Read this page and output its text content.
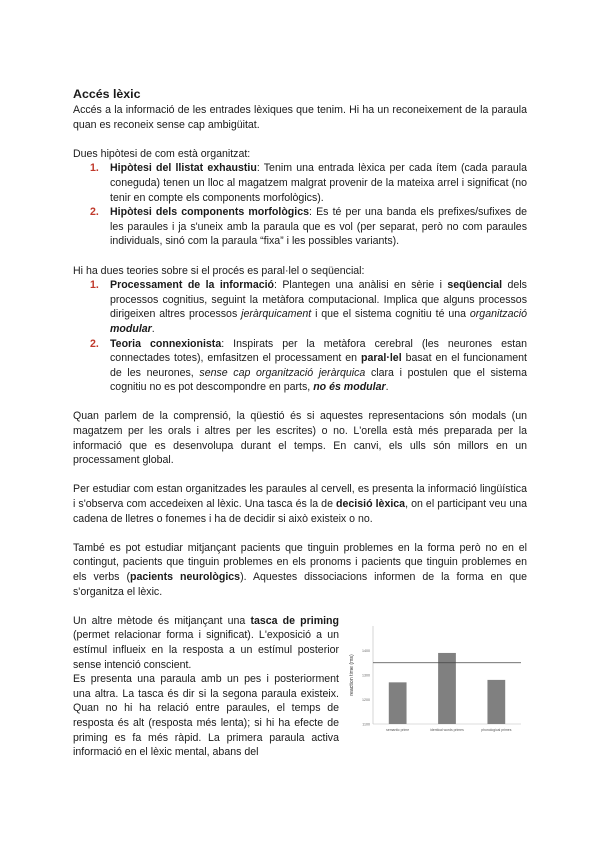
Accés lèxic

Accés a la informació de les entrades lèxiques que tenim. Hi ha un reconeixement de la paraula quan es reconeix sense cap ambigüitat.

Dues hipòtesi de com està organitzat:

1. Hipòtesi del llistat exhaustiu: Tenim una entrada lèxica per cada ítem (cada paraula coneguda) tenen un lloc al magatzem malgrat provenir de la mateixa arrel i significat (no tenir en compte els components morfològics).
2. Hipòtesi dels components morfològics: Es té per una banda els prefixes/sufixes de les paraules i ja s'uneix amb la paraula que es vol (per separat, però no com paraules individuals, sinó com la paraula “fixa” i les possibles variants).

Hi ha dues teories sobre si el procés es paral·lel o seqüencial:

1. Processament de la informació: Plantegen una anàlisi en sèrie i seqüencial dels processos cognitius, seguint la metàfora computacional. Implica que alguns processos dirigeixen altres processos jeràrquicament i que el sistema cognitiu té una organització modular.
2. Teoria connexionista: Inspirats per la metàfora cerebral (les neurones estan connectades totes), emfasitzen el processament en paral·lel basat en el funcionament de les neurones, sense cap organització jeràrquica clara i postulen que el sistema cognitiu no es pot descompondre en parts, no és modular.

Quan parlem de la comprensió, la qüestió és si aquestes representacions són modals (un magatzem per les orals i altres per les escrites) o no. L'orella està més preparada per la informació que es desenvolupa durant el temps. En canvi, els ulls són millors en un processament global.

Per estudiar com estan organitzades les paraules al cervell, es presenta la informació lingüística i s'observa com accedeixen al lèxic. Una tasca és la de decisió lèxica, on el participant veu una cadena de lletres o fonemes i ha de decidir si això existeix o no.

També es pot estudiar mitjançant pacients que tinguin problemes en la forma però no en el contingut, pacients que tinguin problemes en els pronoms i pacients que tinguin problemes en els verbs (pacients neurològics). Aquestes dissociacions informen de la forma en que s'organitza el lèxic.

Un altre mètode és mitjançant una tasca de priming (permet relacionar forma i significat). L'exposició a un estímul influeix en la resposta a un estímul posterior sense intenció conscient.

Es presenta una paraula amb un pes i posteriorment una altra. La tasca és dir si la segona paraula existeix. Quan no hi ha relació entre paraules, el temps de resposta és alt (resposta més lenta); si hi ha efecte de priming es fa més ràpid. La primera paraula activa informació en el lèxic mental, abans del

1100
1200
1300
1400
reaction time (ms)
semantic prime	identical words primes	phonological primes
